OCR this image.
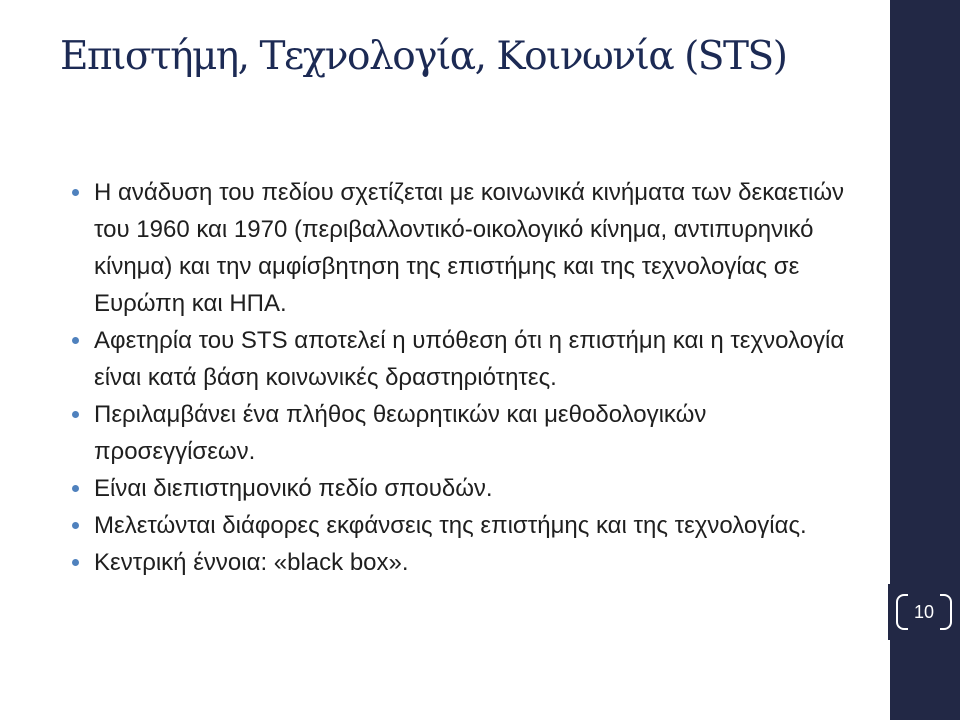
Επιστήμη, Τεχνολογία, Κοινωνία (STS)
Η ανάδυση του πεδίου σχετίζεται με κοινωνικά κινήματα των δεκαετιών του 1960 και 1970 (περιβαλλοντικό-οικολογικό κίνημα, αντιπυρηνικό κίνημα) και την αμφίσβητηση της επιστήμης και της τεχνολογίας σε Ευρώπη και ΗΠΑ.
Αφετηρία του STS αποτελεί η υπόθεση ότι η επιστήμη και η τεχνολογία είναι κατά βάση κοινωνικές δραστηριότητες.
Περιλαμβάνει ένα πλήθος θεωρητικών και μεθοδολογικών προσεγγίσεων.
Είναι διεπιστημονικό πεδίο σπουδών.
Μελετώνται διάφορες εκφάνσεις της επιστήμης και της τεχνολογίας.
Κεντρική έννοια: «black box».
10
